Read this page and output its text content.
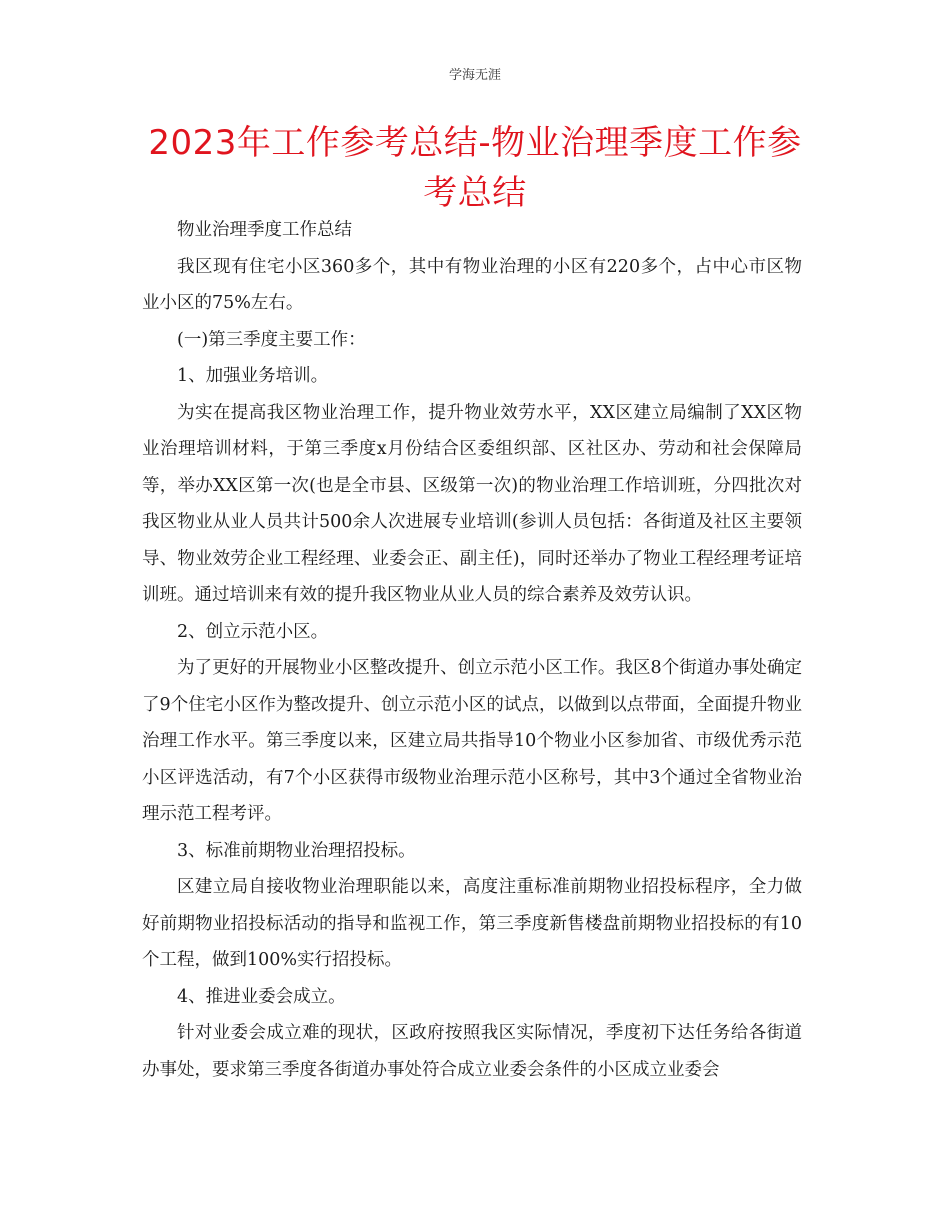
学海无涯
2023年工作参考总结-物业治理季度工作参考总结

物业治理季度工作总结

我区现有住宅小区360多个，其中有物业治理的小区有220多个，占中心市区物业小区的75%左右。

(一)第三季度主要工作：

1、加强业务培训。

为实在提高我区物业治理工作，提升物业效劳水平，XX区建立局编制了XX区物业治理培训材料，于第三季度x月份结合区委组织部、区社区办、劳动和社会保障局等，举办XX区第一次(也是全市县、区级第一次)的物业治理工作培训班，分四批次对我区物业从业人员共计500余人次进展专业培训(参训人员包括：各街道及社区主要领导、物业效劳企业工程经理、业委会正、副主任)，同时还举办了物业工程经理考证培训班。通过培训来有效的提升我区物业从业人员的综合素养及效劳认识。

2、创立示范小区。

为了更好的开展物业小区整改提升、创立示范小区工作。我区8个街道办事处确定了9个住宅小区作为整改提升、创立示范小区的试点，以做到以点带面，全面提升物业治理工作水平。第三季度以来，区建立局共指导10个物业小区参加省、市级优秀示范小区评选活动，有7个小区获得市级物业治理示范小区称号，其中3个通过全省物业治理示范工程考评。

3、标准前期物业治理招投标。

区建立局自接收物业治理职能以来，高度注重标准前期物业招投标程序，全力做好前期物业招投标活动的指导和监视工作，第三季度新售楼盘前期物业招投标的有10个工程，做到100%实行招投标。

4、推进业委会成立。

针对业委会成立难的现状，区政府按照我区实际情况，季度初下达任务给各街道办事处，要求第三季度各街道办事处符合成立业委会条件的小区成立业委会
